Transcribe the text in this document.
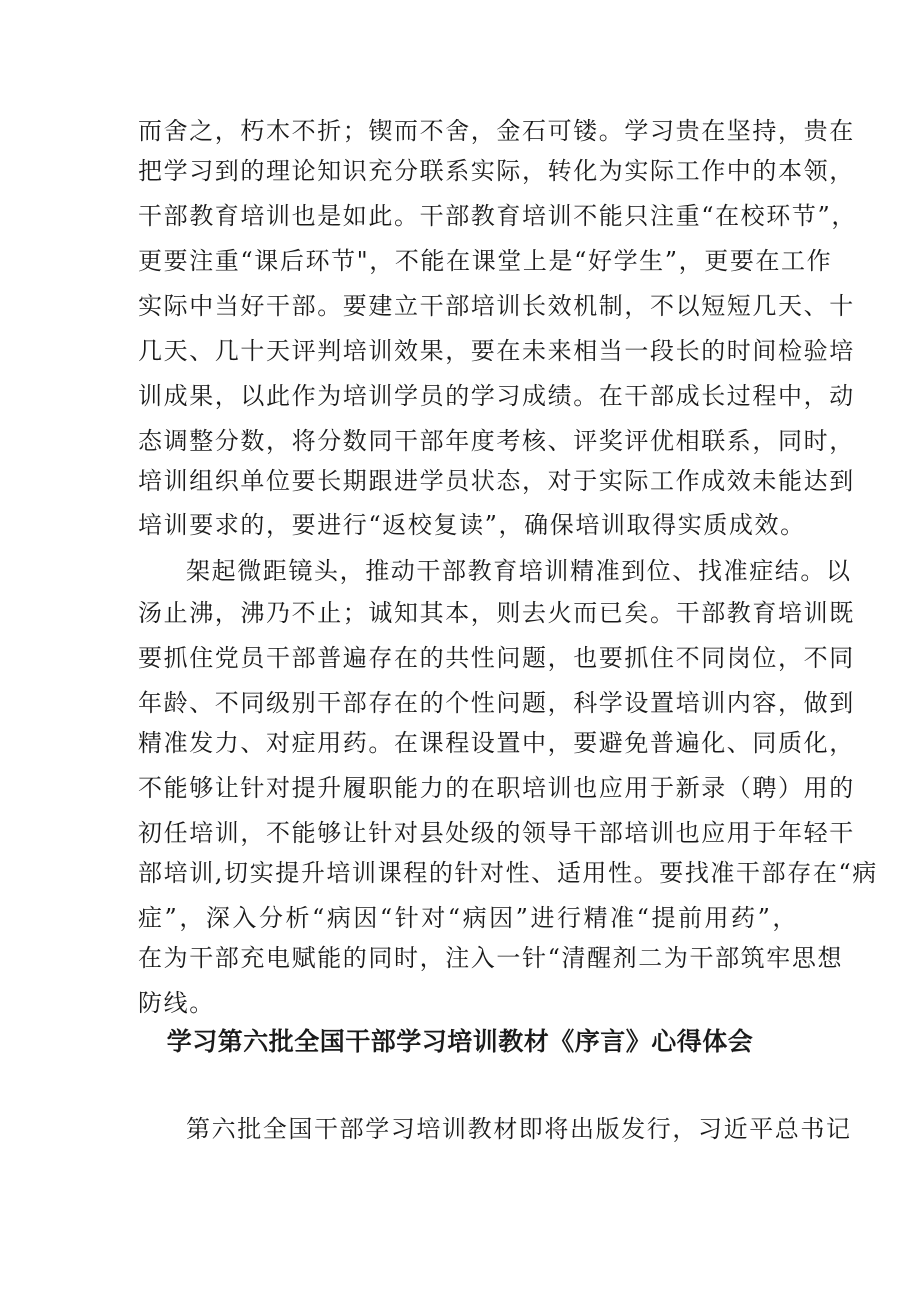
而舍之，朽木不折；锲而不舍，金石可镂。学习贵在坚持，贵在
把学习到的理论知识充分联系实际，转化为实际工作中的本领，
干部教育培训也是如此。干部教育培训不能只注重“在校环节”，
更要注重“课后环节"，不能在课堂上是“好学生”，更要在工作
实际中当好干部。要建立干部培训长效机制，不以短短几天、十
几天、几十天评判培训效果，要在未来相当一段长的时间检验培
训成果，以此作为培训学员的学习成绩。在干部成长过程中，动
态调整分数，将分数同干部年度考核、评奖评优相联系，同时，
培训组织单位要长期跟进学员状态，对于实际工作成效未能达到
培训要求的，要进行“返校复读”，确保培训取得实质成效。
架起微距镜头，推动干部教育培训精准到位、找准症结。以
汤止沸，沸乃不止；诚知其本，则去火而已矣。干部教育培训既
要抓住党员干部普遍存在的共性问题，也要抓住不同岗位，不同
年龄、不同级别干部存在的个性问题，科学设置培训内容，做到
精准发力、对症用药。在课程设置中，要避免普遍化、同质化，
不能够让针对提升履职能力的在职培训也应用于新录（聘）用的
初任培训，不能够让针对县处级的领导干部培训也应用于年轻干
部培训,切实提升培训课程的针对性、适用性。要找准干部存在“病
症”，深入分析“病因“针对“病因”进行精准“提前用药”，
在为干部充电赋能的同时，注入一针“清醒剂二为干部筑牢思想
防线。
学习第六批全国干部学习培训教材《序言》心得体会
第六批全国干部学习培训教材即将出版发行，习近平总书记
